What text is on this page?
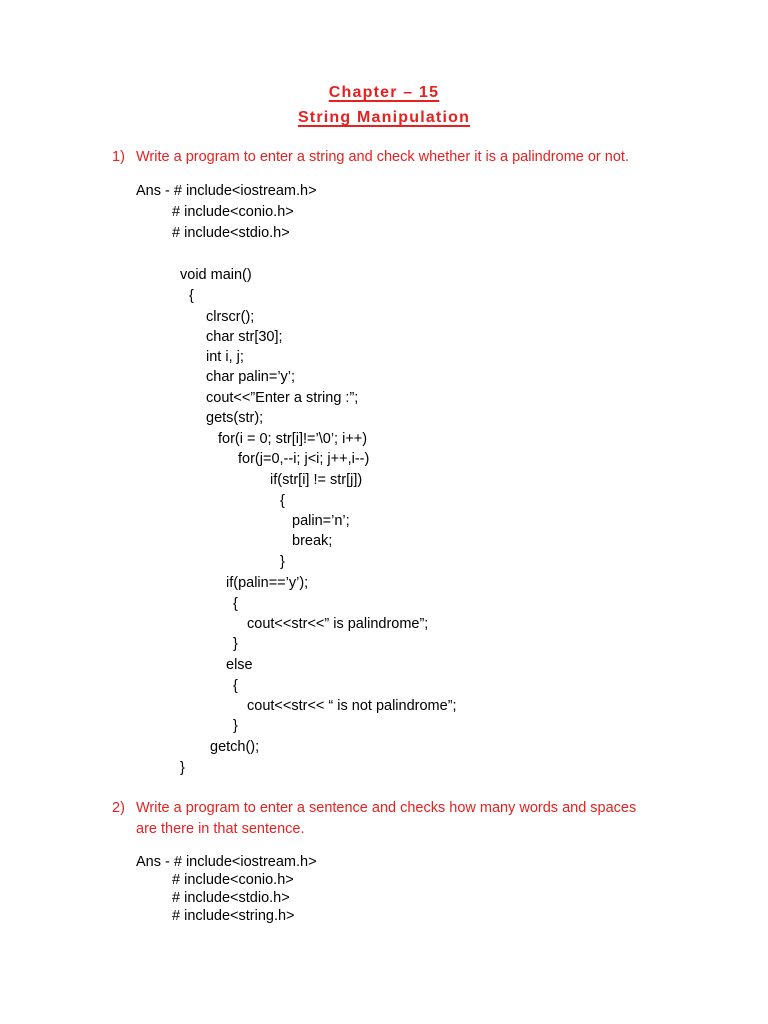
Chapter – 15
String Manipulation
1) Write a program to enter a string and check whether it is a palindrome or not.
Ans - # include<iostream.h>
# include<conio.h>
# include<stdio.h>
void main()
{
clrscr();
char str[30];
int i, j;
char palin=’y’;
cout<<”Enter a string :”;
gets(str);
for(i = 0; str[i]!=’\0’; i++)
for(j=0,--i; j<i; j++,i--)
if(str[i] != str[j])
{
palin=’n’;
break;
}
if(palin==’y’);
{
cout<<str<<” is palindrome”;
}
else
{
cout<<str<< “ is not palindrome”;
}
getch();
}
2) Write a program to enter a sentence and checks how many words and spaces
are there in that sentence.
Ans - # include<iostream.h>
# include<conio.h>
# include<stdio.h>
# include<string.h>
